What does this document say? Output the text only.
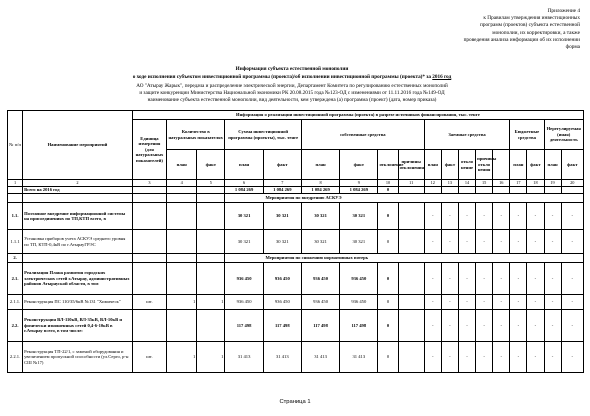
Приложение 4
к Правилам утверждения инвестиционных
программ (проектов) субъекта естественной
монополии, их корректировки, а также
проведения анализа информации об их исполнении
форма
Информация субъекта естественной монополии
о ходе исполнения субъектом инвестиционной программы (проекта)/об исполнении инвестиционной программы (проекта)* за 2016 год
АО "Атырау Жарык", передача и распределение электрической энергии, Департамент Комитета по регулированию естественных монополий
и защите конкуренции Министерства Национальной экономики РК 20.08.2015 года №123-ОД с изменениями от 11.11.2016 года №149-ОД
наименование субъекта естественной монополии, вид деятельности, кем утверждена (а) программа (проект) (дата, номер приказа)
№ п/п	Наименование мероприятий	Информация о реализации инвестиционной программы (проекта) в разрезе источников финансирования, тыс. тенге																	
		Единица измерения (для натуральных показателей)	Количество в натуральных показателях		Сумма инвестиционной программы (проекты), тыс. тенге		собственные средства				Заемные средства					Бюджетные средства		Нерегулируемая (иная) деятельность	
			план	факт	план	факт	план	факт	отклонение	причины отклонения	план	факт	откло нение	причины откло нения		план	факт	план	факт
1	2	3	4	5	6	7	8	9	10	11	12	13	14	15	16	17	18	19	20
	Всего на 2016 год				1 084 269	1 084 269	1 084 269	1 084 269	0										
					Мероприятия по внедрению АСКУЭ														
1.1.	Поэтапное внедрение информационной системы на присоединениях по ТП,КТП всего, в				30 321	30 321	30 321	30 321	0		-	-	-	-	-	-	-	-	-
1.1.1	Установка приборов учета АСКУЭ среднего уровня по ТП, КТП-0,4кВ по г.АтырауГРЭС				30 321	30 321	30 321	30 321	0		-	-	-	-	-	-	-	-	-
2.					Мероприятия по снижению нормативных потерь														
2.1.	Реализация Плана развития городских электрических сетей г.Атырау, административных районов Атырауской области, в том				936 450	936 450	936 450	936 450	0		-	-	-	-	-	-	-	-	-
2.1.1.	Реконструкция ПС 110/35/6кВ №131 "Химическ"	шт.	1	1	936 450	936 450	936 450	936 450	0		-	-	-	-	-	-	-	-	-
2.2.	Реконструкция ВЛ-110кВ, ВЛ-35кВ, ВЛ-10кВ и физически изношенных сетей 0,4-6-10кВ в г.Атырау всего, в том числе:				117 498	117 498	117 498	117 498	0		-	-	-	-	-	-	-	-	-
2.2.1.	Реконструкция ТП-22/1, с заменой оборудования и увеличением пропускной способности (ул.Серго, р-н СШ №17)	шт.	1	1	31 413	31 413	31 413	31 413	0		-	-	-	-	-	-	-	-	-
Страница 1
